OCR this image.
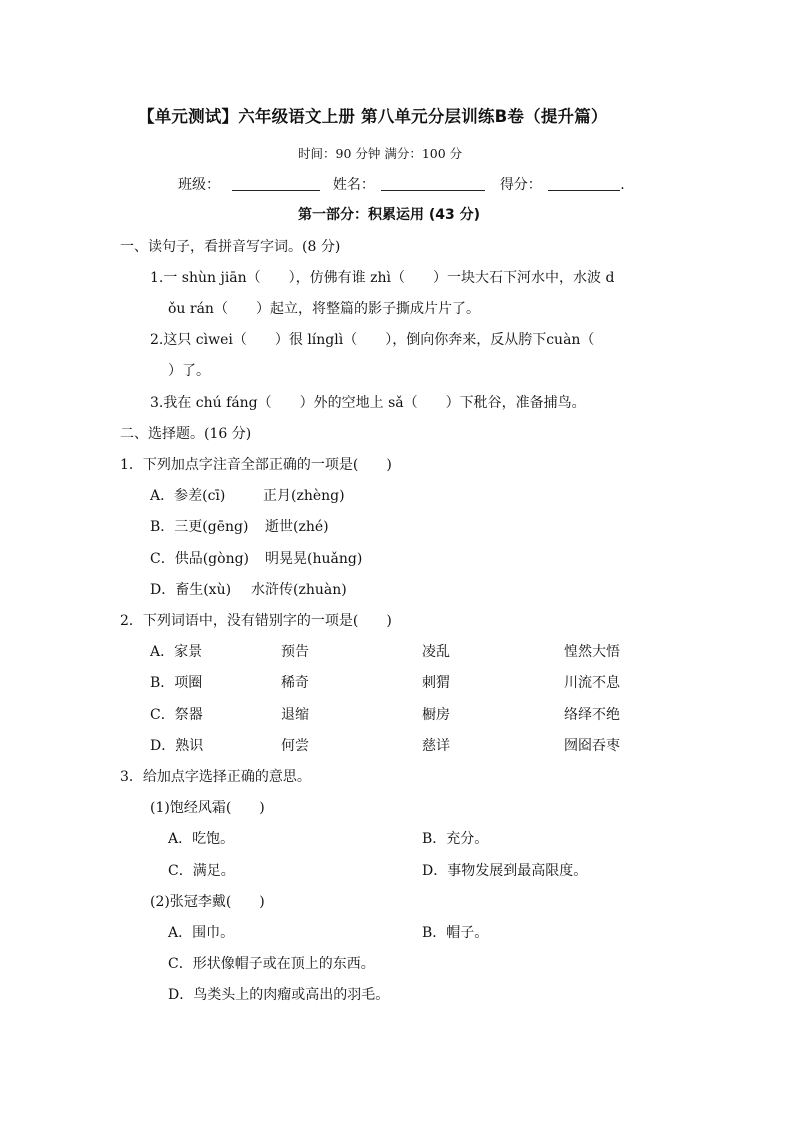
【单元测试】六年级语文上册 第八单元分层训练B卷（提升篇）
时间：90 分钟 满分：100 分
班级：	姓名：	得分：	.
第一部分：积累运用 (43 分)
一、读句子，看拼音写字词。(8 分)
1.一 shùn jiān（　　），仿佛有谁 zhì（　　）一块大石下河水中，水波 d
ǒu rán（　　）起立，将整篇的影子撕成片片了。
2.这只 cìwei（　　）很 línglì（　　），倒向你奔来，反从胯下cuàn（
）了。
3.我在 chú fáng（　　）外的空地上 sǎ（　　）下秕谷，准备捕鸟。
二、选择题。(16 分)
1．下列加点字注音全部正确的一项是(　　)
A．参差(cī)	正月(zhèng)
B．三更(gēng) 逝世(zhé)
C．供品(gòng) 明晃晃(huǎng)
D．畜生(xù) 水浒传(zhuàn)
2．下列词语中，没有错别字的一项是(　　)
A．家景	预告	凌乱	惶然大悟
B．项圈	稀奇	刺猬	川流不息
C．祭器	退缩	橱房	络绎不绝
D．熟识	何尝	慈详	囫囵吞枣
3．给加点字选择正确的意思。
(1)饱经风霜(　　)
A．吃饱。	B．充分。
C．满足。	D．事物发展到最高限度。
(2)张冠李戴(　　)
A．围巾。	B．帽子。
C．形状像帽子或在顶上的东西。
D．鸟类头上的肉瘤或高出的羽毛。
